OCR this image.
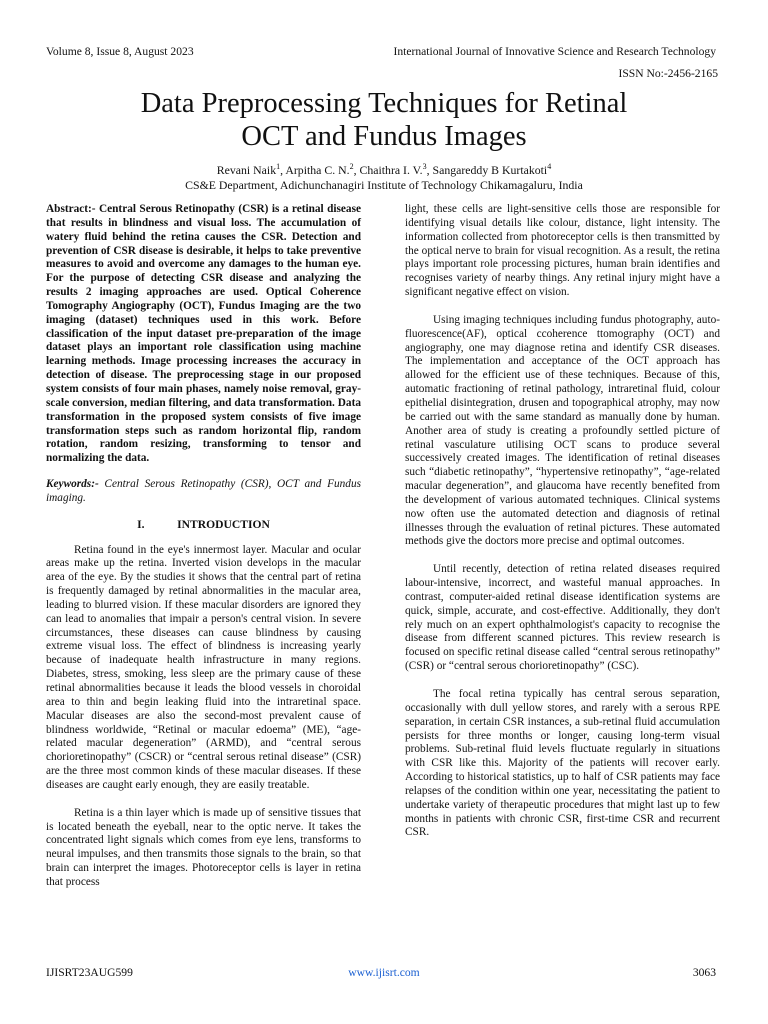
Volume 8, Issue 8, August 2023	International Journal of Innovative Science and Research Technology
ISSN No:-2456-2165
Data Preprocessing Techniques for Retinal
OCT and Fundus Images
Revani Naik$^1$, Arpitha C. N.$^2$, Chaithra I. V.$^3$, Sangareddy B Kurtakoti$^4$
CS&E Department, Adichunchanagiri Institute of Technology Chikamagaluru, India

Abstract:- Central Serous Retinopathy (CSR) is a retinal disease that results in blindness and visual loss. The accumulation of watery fluid behind the retina causes the CSR. Detection and prevention of CSR disease is desirable, it helps to take preventive measures to avoid and overcome any damages to the human eye. For the purpose of detecting CSR disease and analyzing the results 2 imaging approaches are used. Optical Coherence Tomography Angiography (OCT), Fundus Imaging are the two imaging (dataset) techniques used in this work. Before classification of the input dataset pre-preparation of the image dataset plays an important role classification using machine learning methods. Image processing increases the accuracy in detection of disease. The preprocessing stage in our proposed system consists of four main phases, namely noise removal, gray-scale conversion, median filtering, and data transformation. Data transformation in the proposed system consists of five image transformation steps such as random horizontal flip, random rotation, random resizing, transforming to tensor and normalizing the data.

Keywords:- Central Serous Retinopathy (CSR), OCT and Fundus imaging.

I.	INTRODUCTION

Retina found in the eye's innermost layer. Macular and ocular areas make up the retina. Inverted vision develops in the macular area of the eye. By the studies it shows that the central part of retina is frequently damaged by retinal abnormalities in the macular area, leading to blurred vision. If these macular disorders are ignored they can lead to anomalies that impair a person's central vision. In severe circumstances, these diseases can cause blindness by causing extreme visual loss. The effect of blindness is increasing yearly because of inadequate health infrastructure in many regions. Diabetes, stress, smoking, less sleep are the primary cause of these retinal abnormalities because it leads the blood vessels in choroidal area to thin and begin leaking fluid into the intraretinal space. Macular diseases are also the second-most prevalent cause of blindness worldwide, “Retinal or macular edoema” (ME), “age-related macular degeneration” (ARMD), and “central serous chorioretinopathy” (CSCR) or “central serous retinal disease” (CSR) are the three most common kinds of these macular diseases. If these diseases are caught early enough, they are easily treatable.

Retina is a thin layer which is made up of sensitive tissues that is located beneath the eyeball, near to the optic nerve. It takes the concentrated light signals which comes from eye lens, transforms to neural impulses, and then transmits those signals to the brain, so that brain can interpret the images. Photoreceptor cells is layer in retina that process

light, these cells are light-sensitive cells those are responsible for identifying visual details like colour, distance, light intensity. The information collected from photoreceptor cells is then transmitted by the optical nerve to brain for visual recognition. As a result, the retina plays important role processing pictures, human brain identifies and recognises variety of nearby things. Any retinal injury might have a significant negative effect on vision.

Using imaging techniques including fundus photography, auto-fluorescence(AF), optical ccoherence ttomography (OCT) and angiography, one may diagnose retina and identify CSR diseases. The implementation and acceptance of the OCT approach has allowed for the efficient use of these techniques. Because of this, automatic fractioning of retinal pathology, intraretinal fluid, colour epithelial disintegration, drusen and topographical atrophy, may now be carried out with the same standard as manually done by human. Another area of study is creating a profoundly settled picture of retinal vasculature utilising OCT scans to produce several successively created images. The identification of retinal diseases such “diabetic retinopathy”, “hypertensive retinopathy”, “age-related macular degeneration”, and glaucoma have recently benefited from the development of various automated techniques. Clinical systems now often use the automated detection and diagnosis of retinal illnesses through the evaluation of retinal pictures. These automated methods give the doctors more precise and optimal outcomes.

Until recently, detection of retina related diseases required labour-intensive, incorrect, and wasteful manual approaches. In contrast, computer-aided retinal disease identification systems are quick, simple, accurate, and cost-effective. Additionally, they don't rely much on an expert ophthalmologist's capacity to recognise the disease from different scanned pictures. This review research is focused on specific retinal disease called “central serous retinopathy” (CSR) or “central serous chorioretinopathy” (CSC).

The focal retina typically has central serous separation, occasionally with dull yellow stores, and rarely with a serous RPE separation, in certain CSR instances, a sub-retinal fluid accumulation persists for three months or longer, causing long-term visual problems. Sub-retinal fluid levels fluctuate regularly in situations with CSR like this. Majority of the patients will recover early. According to historical statistics, up to half of CSR patients may face relapses of the condition within one year, necessitating the patient to undertake variety of therapeutic procedures that might last up to few months in patients with chronic CSR, first-time CSR and recurrent CSR.

IJISRT23AUG599	www.ijisrt.com	3063
